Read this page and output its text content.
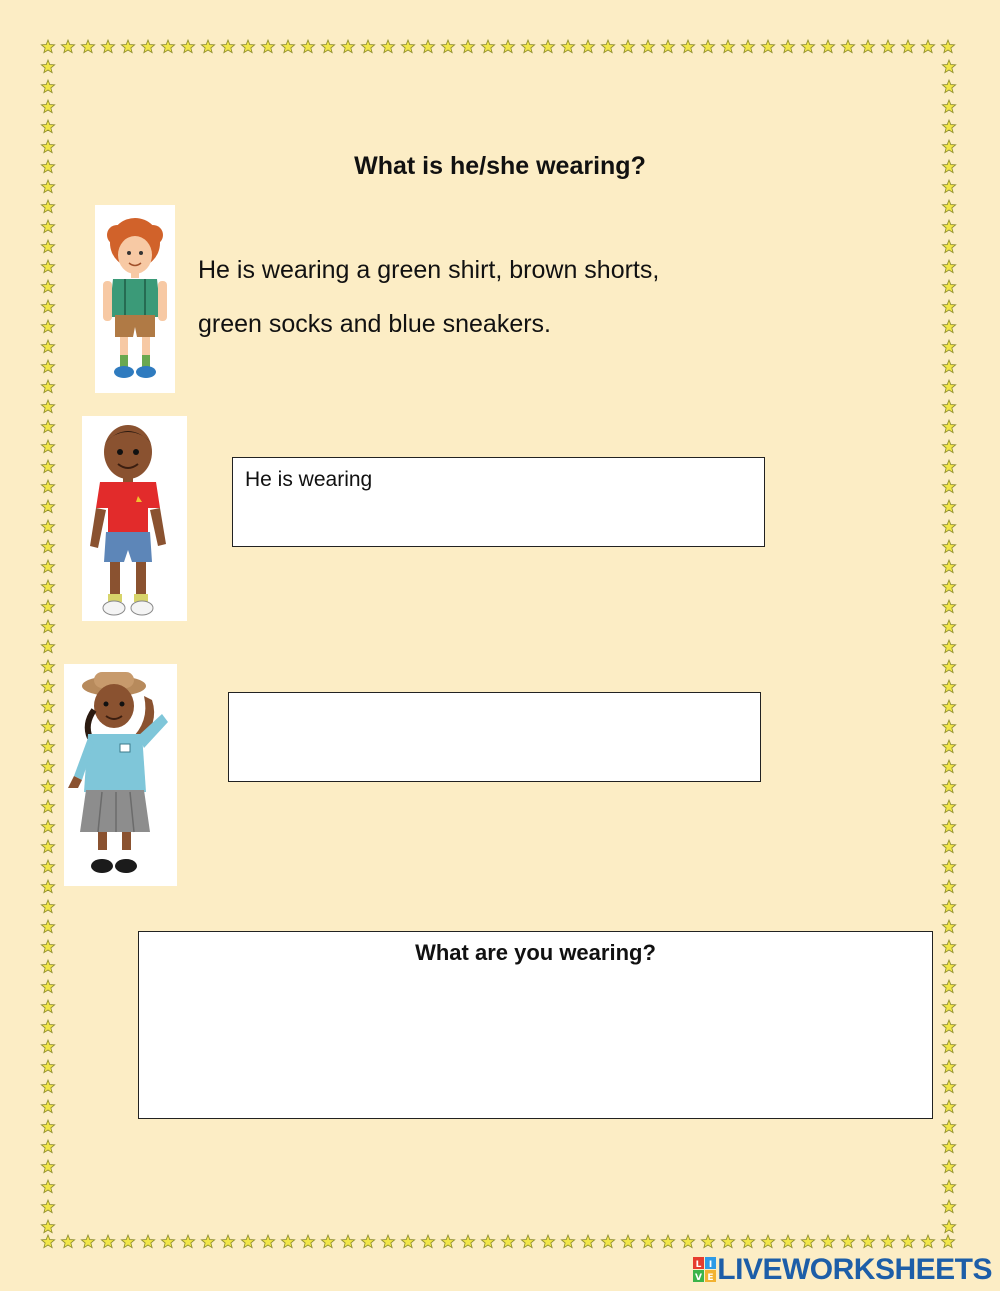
What is he/she wearing?
He is wearing a green shirt, brown shorts,
green socks and blue sneakers.
He is wearing
What are you wearing?
L I
V E LIVEWORKSHEETS
